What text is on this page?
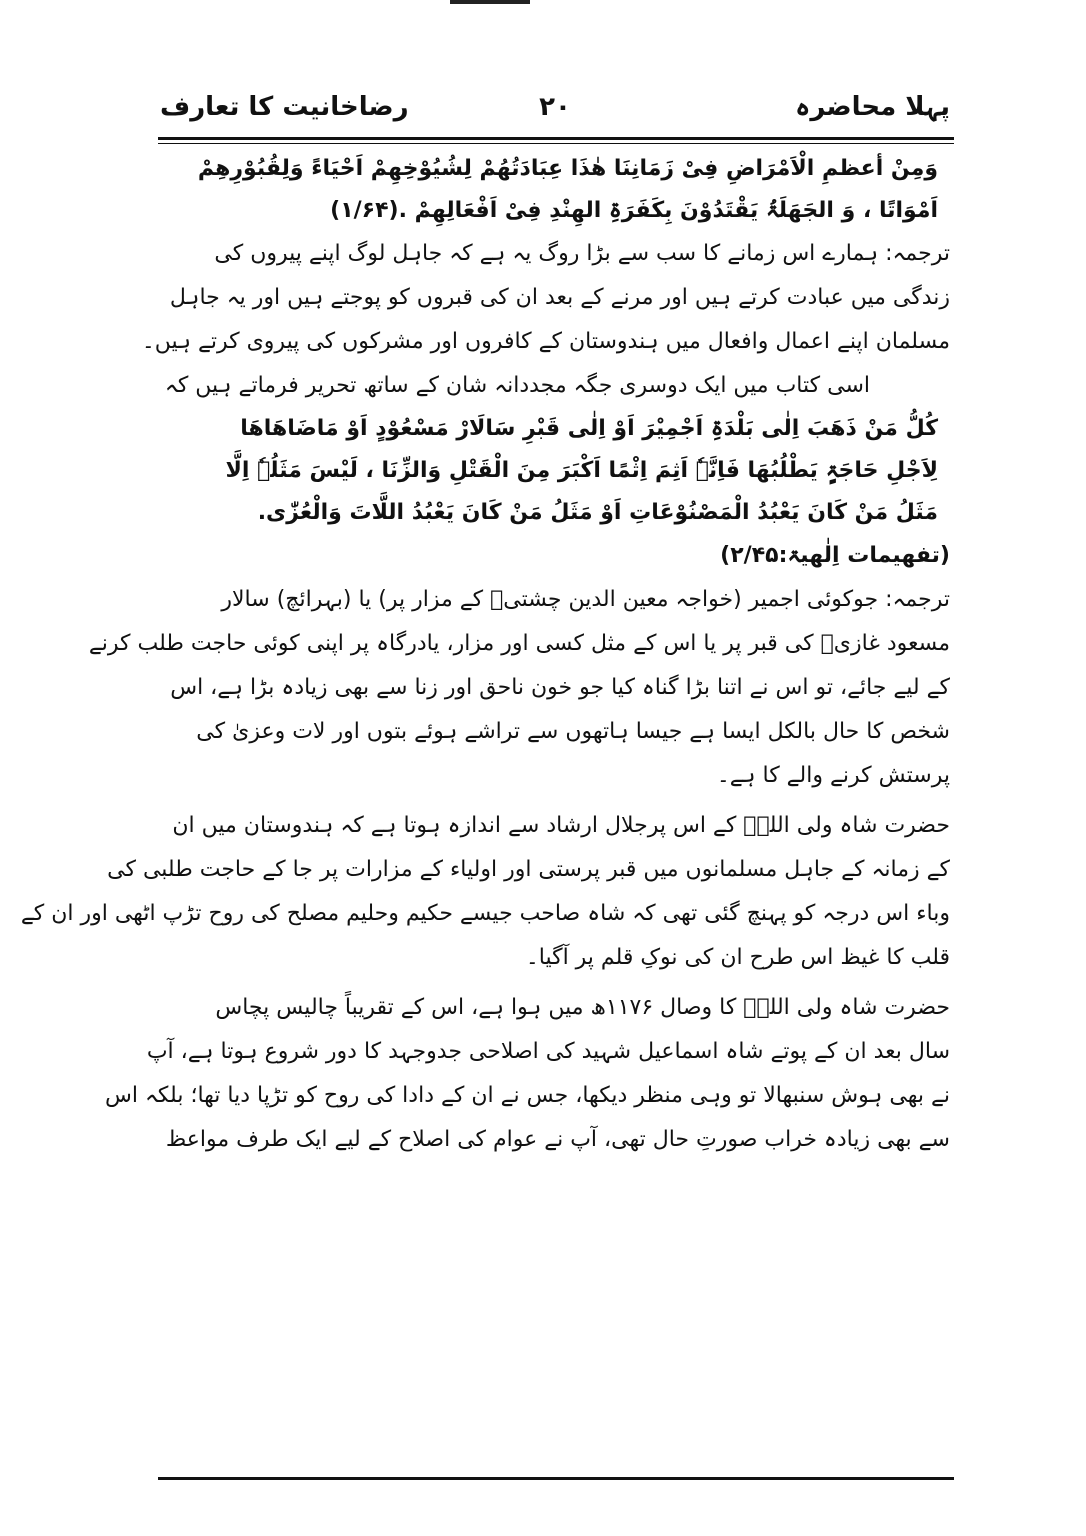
پہلا محاضرہ
۲۰
رضاخانیت کا تعارف
وَمِنْ أعظمِ الْاَمْرَاضِ فِیْ زَمَانِنَا ھٰذَا عِبَادَتُھُمْ لِشُیُوْخِھِمْ اَحْیَاءً وَلِقُبُوْرِھِمْ
اَمْوَاتًا ، وَ الجَھَلَۃُ یَقْتَدُوْنَ بِکَفَرَۃِ الھِنْدِ فِیْ اَفْعَالِھِمْ .(۱/۶۴)
ترجمہ: ہمارے اس زمانے کا سب سے بڑا روگ یہ ہے کہ جاہل لوگ اپنے پیروں کی
زندگی میں عبادت کرتے ہیں اور مرنے کے بعد ان کی قبروں کو پوجتے ہیں اور یہ جاہل
مسلمان اپنے اعمال وافعال میں ہندوستان کے کافروں اور مشرکوں کی پیروی کرتے ہیں۔
اسی کتاب میں ایک دوسری جگہ مجددانہ شان کے ساتھ تحریر فرماتے ہیں کہ
کُلُّ مَنْ ذَھَبَ اِلٰی بَلْدَۃِ اَجْمِیْرَ اَوْ اِلٰی قَبْرِ سَالَارْ مَسْعُوْدٍ اَوْ مَاضَاھَاھَا
لِاَجْلِ حَاجَۃٍ یَطْلُبُھَا فَاِنَّہٗ اَثِمَ اِثْمًا اَکْبَرَ مِنَ الْقَتْلِ وَالزِّنَا ، لَیْسَ مَثَلُہٗ اِلَّا
مَثَلُ مَنْ کَانَ یَعْبُدُ الْمَصْنُوْعَاتِ اَوْ مَثَلُ مَنْ کَانَ یَعْبُدُ اللَّاتَ وَالْعُزّٰی.
(تفھیمات اِلٰھیۃ:۲/۴۵)
ترجمہ: جوکوئی اجمیر (خواجہ معین الدین چشتیؒ کے مزار پر) یا (بہرائچ) سالار
مسعود غازیؒ کی قبر پر یا اس کے مثل کسی اور مزار، یادرگاہ پر اپنی کوئی حاجت طلب کرنے
کے لیے جائے، تو اس نے اتنا بڑا گناہ کیا جو خون ناحق اور زنا سے بھی زیادہ بڑا ہے، اس
شخص کا حال بالکل ایسا ہے جیسا ہاتھوں سے تراشے ہوئے بتوں اور لات وعزیٰ کی
پرستش کرنے والے کا ہے۔
حضرت شاہ ولی اللہؒ کے اس پرجلال ارشاد سے اندازہ ہوتا ہے کہ ہندوستان میں ان
کے زمانہ کے جاہل مسلمانوں میں قبر پرستی اور اولیاء کے مزارات پر جا کے حاجت طلبی کی
وباء اس درجہ کو پہنچ گئی تھی کہ شاہ صاحب جیسے حکیم وحلیم مصلح کی روح تڑپ اٹھی اور ان کے
قلب کا غیظ اس طرح ان کی نوکِ قلم پر آگیا۔
حضرت شاہ ولی اللہؒ کا وصال ۱۱۷۶ھ میں ہوا ہے، اس کے تقریباً چالیس پچاس
سال بعد ان کے پوتے شاہ اسماعیل شہید کی اصلاحی جدوجہد کا دور شروع ہوتا ہے، آپ
نے بھی ہوش سنبھالا تو وہی منظر دیکھا، جس نے ان کے دادا کی روح کو تڑپا دیا تھا؛ بلکہ اس
سے بھی زیادہ خراب صورتِ حال تھی، آپ نے عوام کی اصلاح کے لیے ایک طرف مواعظ
